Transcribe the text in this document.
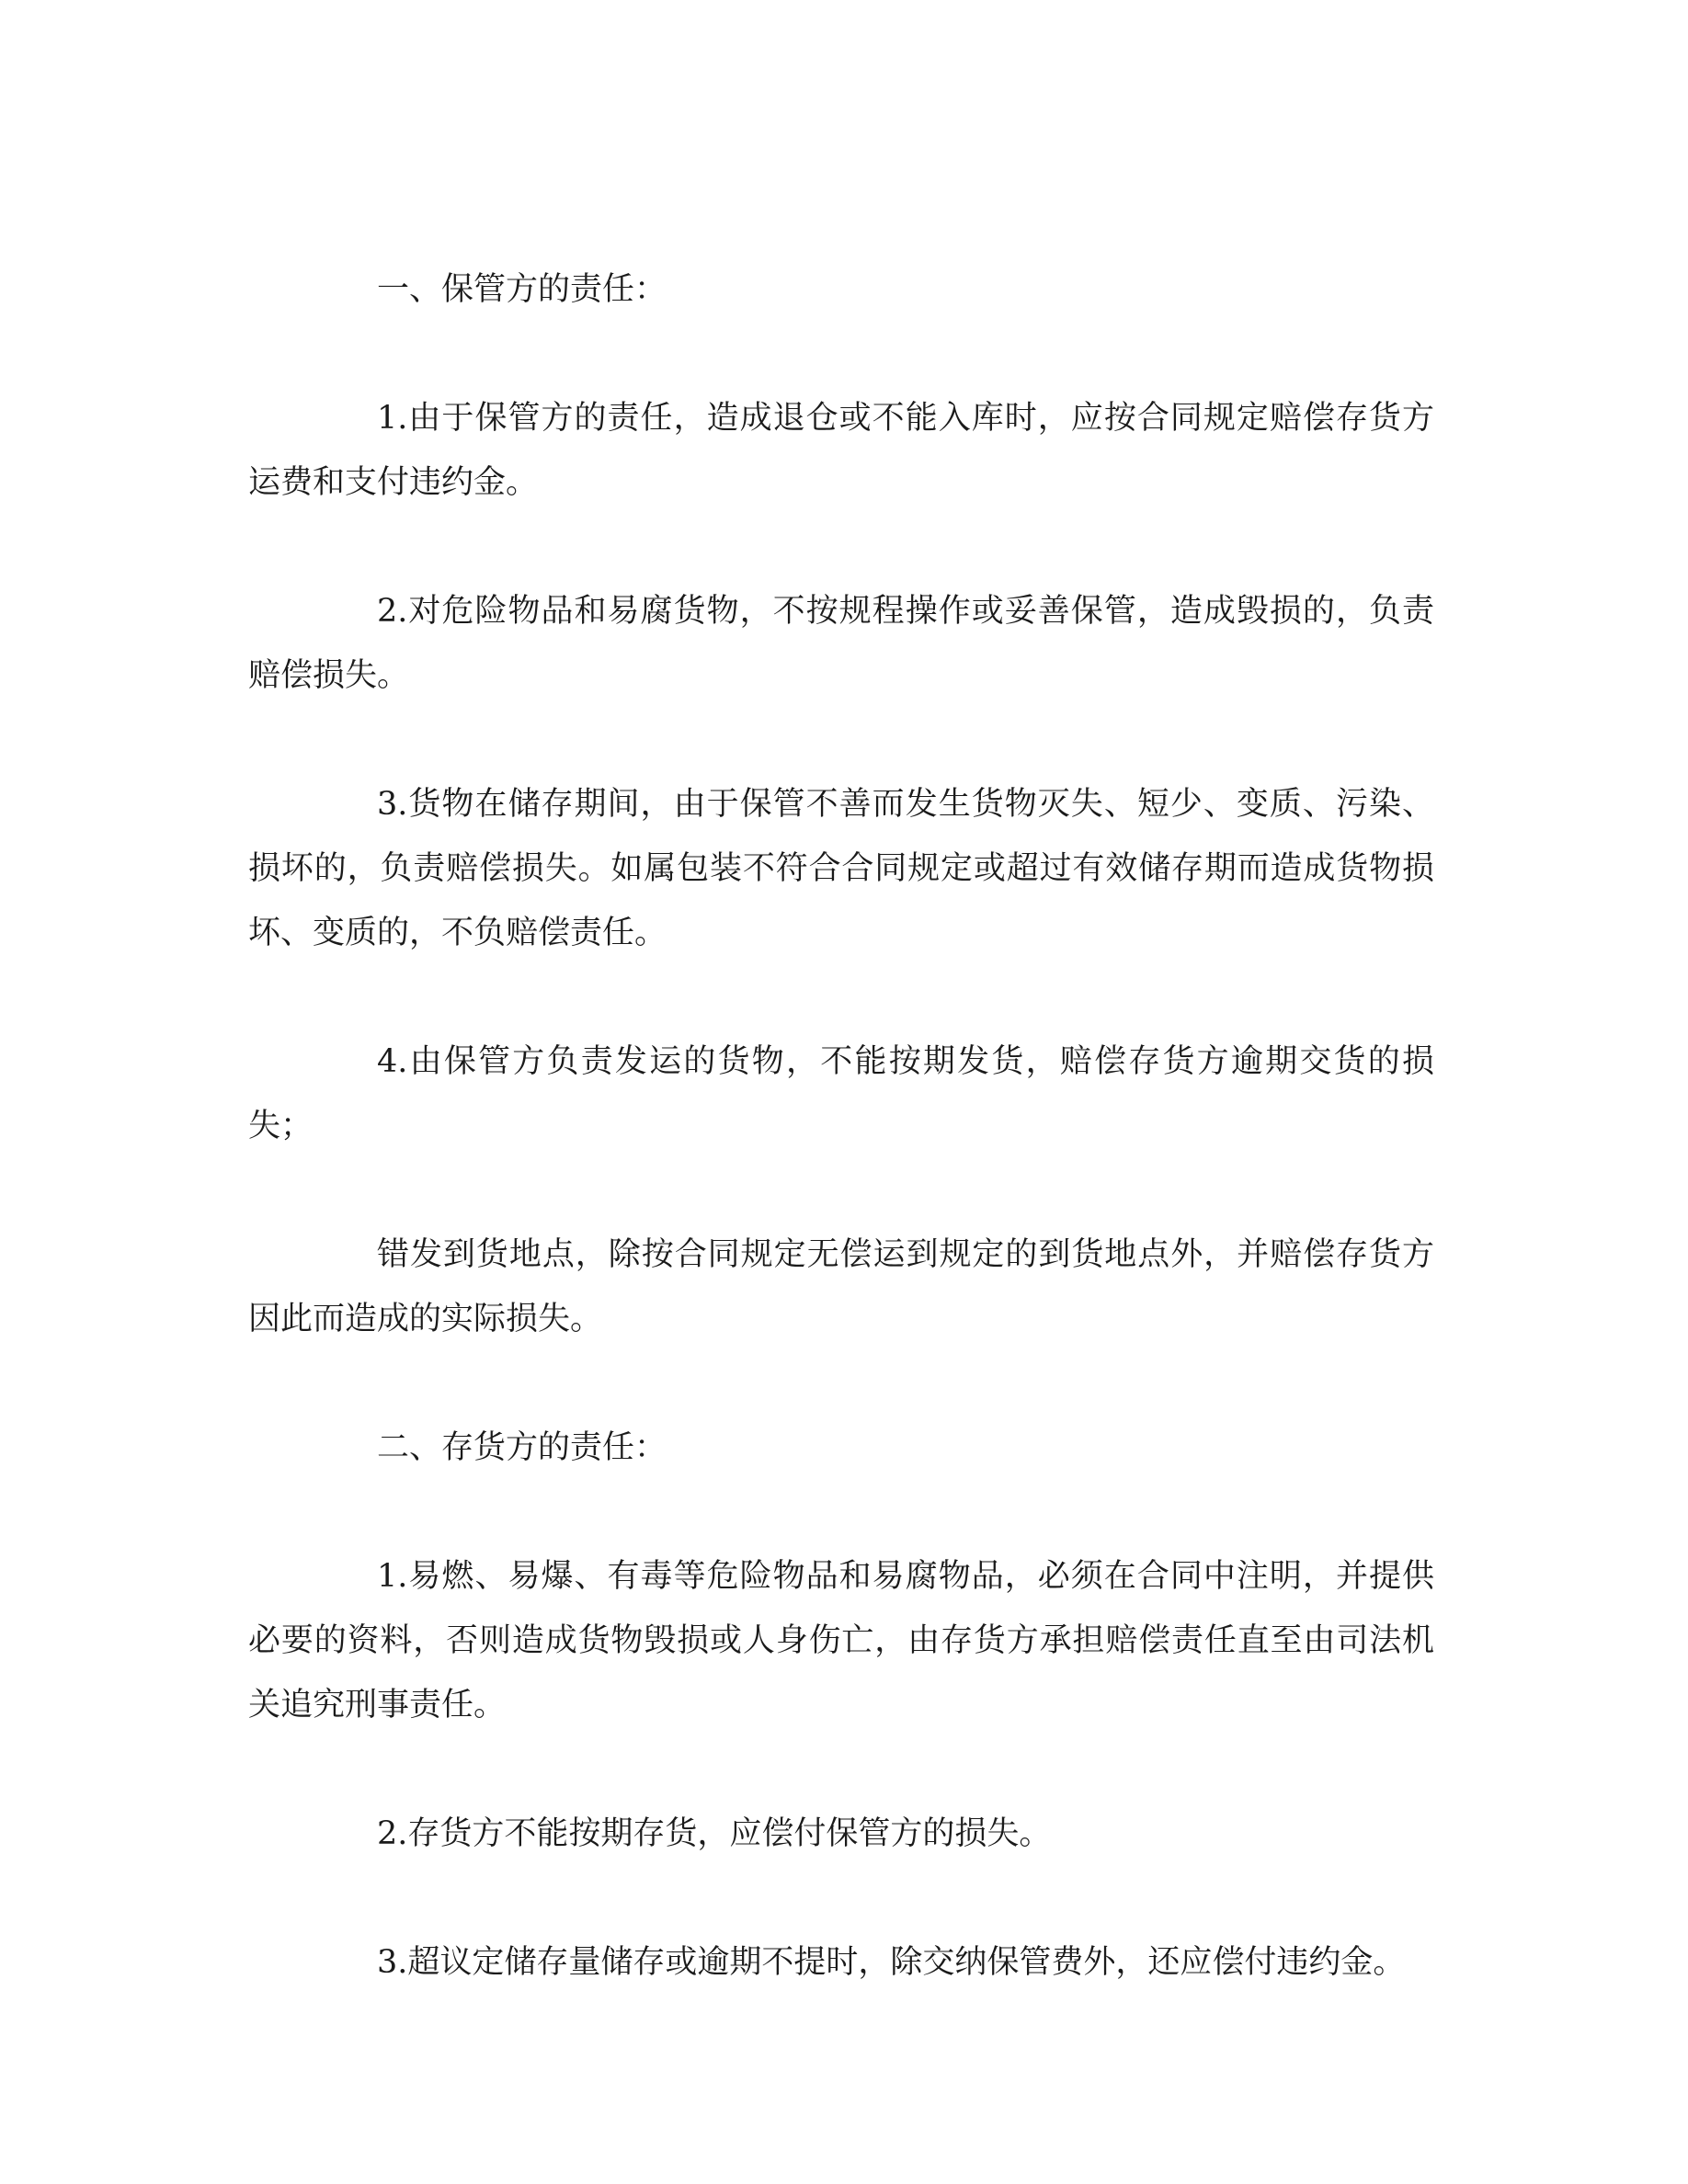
一、保管方的责任：

1.由于保管方的责任，造成退仓或不能入库时，应按合同规定赔偿存货方运费和支付违约金。

2.对危险物品和易腐货物，不按规程操作或妥善保管，造成毁损的，负责赔偿损失。

3.货物在储存期间，由于保管不善而发生货物灭失、短少、变质、污染、损坏的，负责赔偿损失。如属包装不符合合同规定或超过有效储存期而造成货物损坏、变质的，不负赔偿责任。

4.由保管方负责发运的货物，不能按期发货，赔偿存货方逾期交货的损失；

错发到货地点，除按合同规定无偿运到规定的到货地点外，并赔偿存货方因此而造成的实际损失。

二、存货方的责任：

1.易燃、易爆、有毒等危险物品和易腐物品，必须在合同中注明，并提供必要的资料，否则造成货物毁损或人身伤亡，由存货方承担赔偿责任直至由司法机关追究刑事责任。

2.存货方不能按期存货，应偿付保管方的损失。

3.超议定储存量储存或逾期不提时，除交纳保管费外，还应偿付违约金。
